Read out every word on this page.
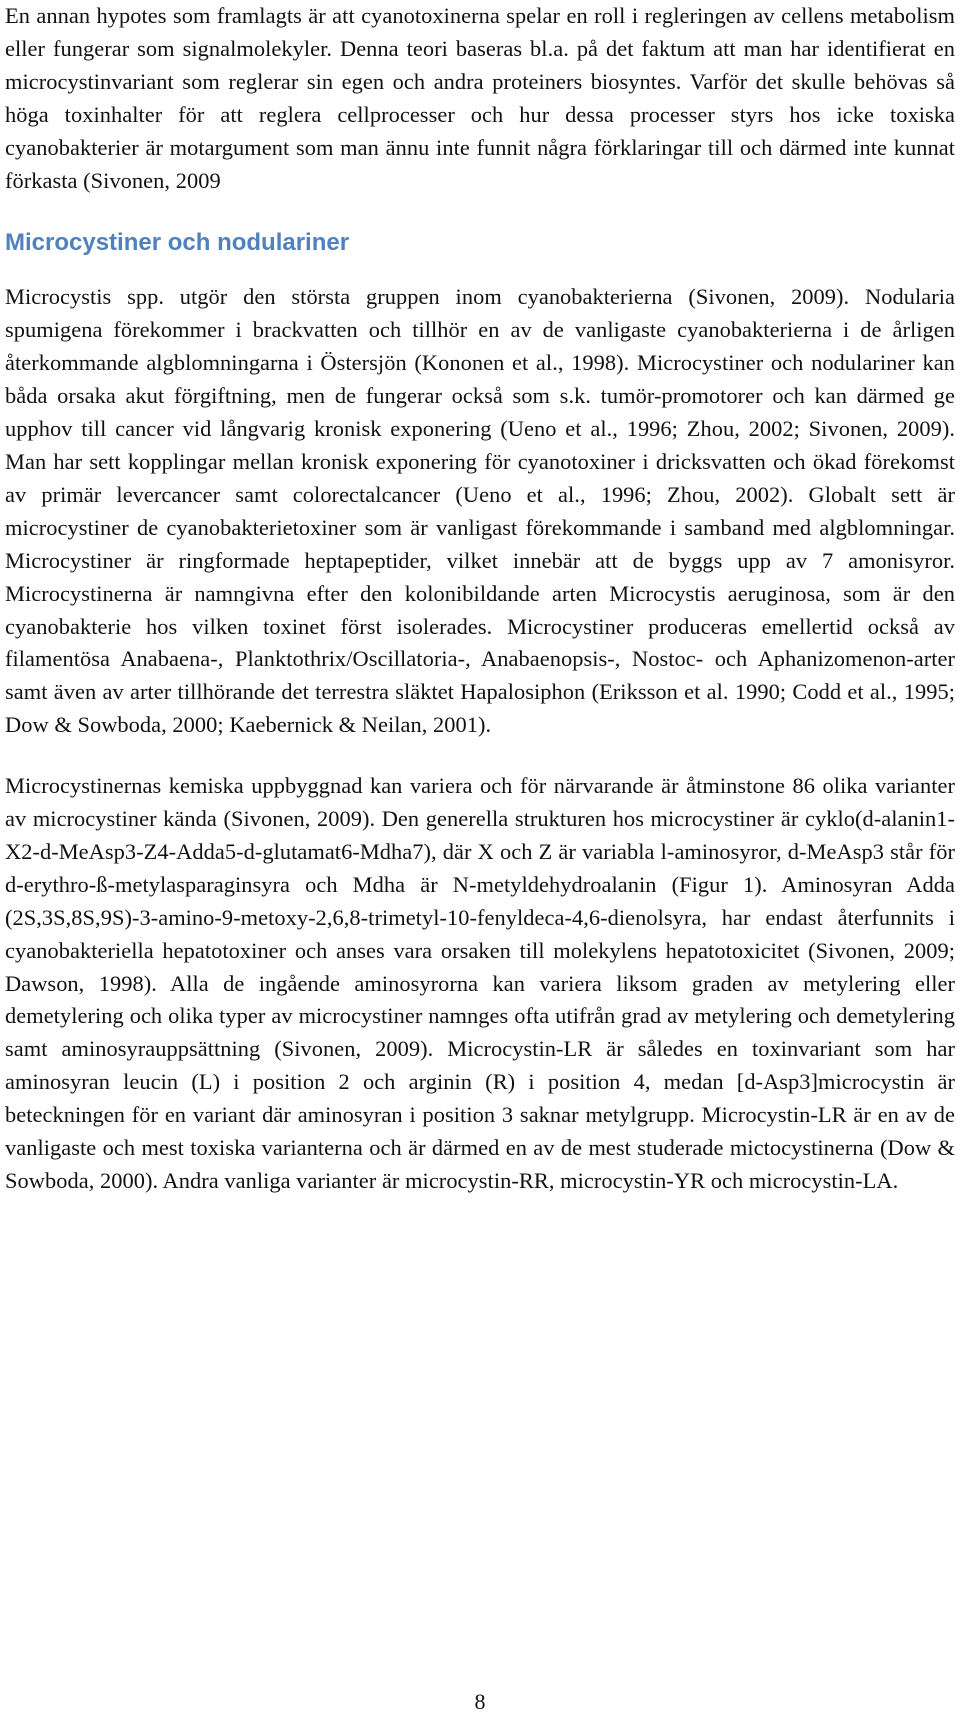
En annan hypotes som framlagts är att cyanotoxinerna spelar en roll i regleringen av cellens metabolism eller fungerar som signalmolekyler. Denna teori baseras bl.a. på det faktum att man har identifierat en microcystinvariant som reglerar sin egen och andra proteiners biosyntes. Varför det skulle behövas så höga toxinhalter för att reglera cellprocesser och hur dessa processer styrs hos icke toxiska cyanobakterier är motargument som man ännu inte funnit några förklaringar till och därmed inte kunnat förkasta (Sivonen, 2009

Microcystiner och nodulariner

Microcystis spp. utgör den största gruppen inom cyanobakterierna (Sivonen, 2009). Nodularia spumigena förekommer i brackvatten och tillhör en av de vanligaste cyanobakterierna i de årligen återkommande algblomningarna i Östersjön (Kononen et al., 1998). Microcystiner och nodulariner kan båda orsaka akut förgiftning, men de fungerar också som s.k. tumör-promotorer och kan därmed ge upphov till cancer vid långvarig kronisk exponering (Ueno et al., 1996; Zhou, 2002; Sivonen, 2009). Man har sett kopplingar mellan kronisk exponering för cyanotoxiner i dricksvatten och ökad förekomst av primär levercancer samt colorectalcancer (Ueno et al., 1996; Zhou, 2002). Globalt sett är microcystiner de cyanobakterietoxiner som är vanligast förekommande i samband med algblomningar. Microcystiner är ringformade heptapeptider, vilket innebär att de byggs upp av 7 amonisyror. Microcystinerna är namngivna efter den kolonibildande arten Microcystis aeruginosa, som är den cyanobakterie hos vilken toxinet först isolerades. Microcystiner produceras emellertid också av filamentösa Anabaena-, Planktothrix/Oscillatoria-, Anabaenopsis-, Nostoc- och Aphanizomenon-arter samt även av arter tillhörande det terrestra släktet Hapalosiphon (Eriksson et al. 1990; Codd et al., 1995; Dow & Sowboda, 2000; Kaebernick & Neilan, 2001).

Microcystinernas kemiska uppbyggnad kan variera och för närvarande är åtminstone 86 olika varianter av microcystiner kända (Sivonen, 2009). Den generella strukturen hos microcystiner är cyklo(d-alanin1-X2-d-MeAsp3-Z4-Adda5-d-glutamat6-Mdha7), där X och Z är variabla l-aminosyror, d-MeAsp3 står för d-erythro-ß-metylasparaginsyra och Mdha är N-metyldehydroalanin (Figur 1). Aminosyran Adda (2S,3S,8S,9S)-3-amino-9-metoxy-2,6,8-trimetyl-10-fenyldeca-4,6-dienolsyra, har endast återfunnits i cyanobakteriella hepatotoxiner och anses vara orsaken till molekylens hepatotoxicitet (Sivonen, 2009; Dawson, 1998). Alla de ingående aminosyrorna kan variera liksom graden av metylering eller demetylering och olika typer av microcystiner namnges ofta utifrån grad av metylering och demetylering samt aminosyrauppsättning (Sivonen, 2009). Microcystin-LR är således en toxinvariant som har aminosyran leucin (L) i position 2 och arginin (R) i position 4, medan [d-Asp3]microcystin är beteckningen för en variant där aminosyran i position 3 saknar metylgrupp. Microcystin-LR är en av de vanligaste och mest toxiska varianterna och är därmed en av de mest studerade mictocystinerna (Dow & Sowboda, 2000). Andra vanliga varianter är microcystin-RR, microcystin-YR och microcystin-LA.

8
